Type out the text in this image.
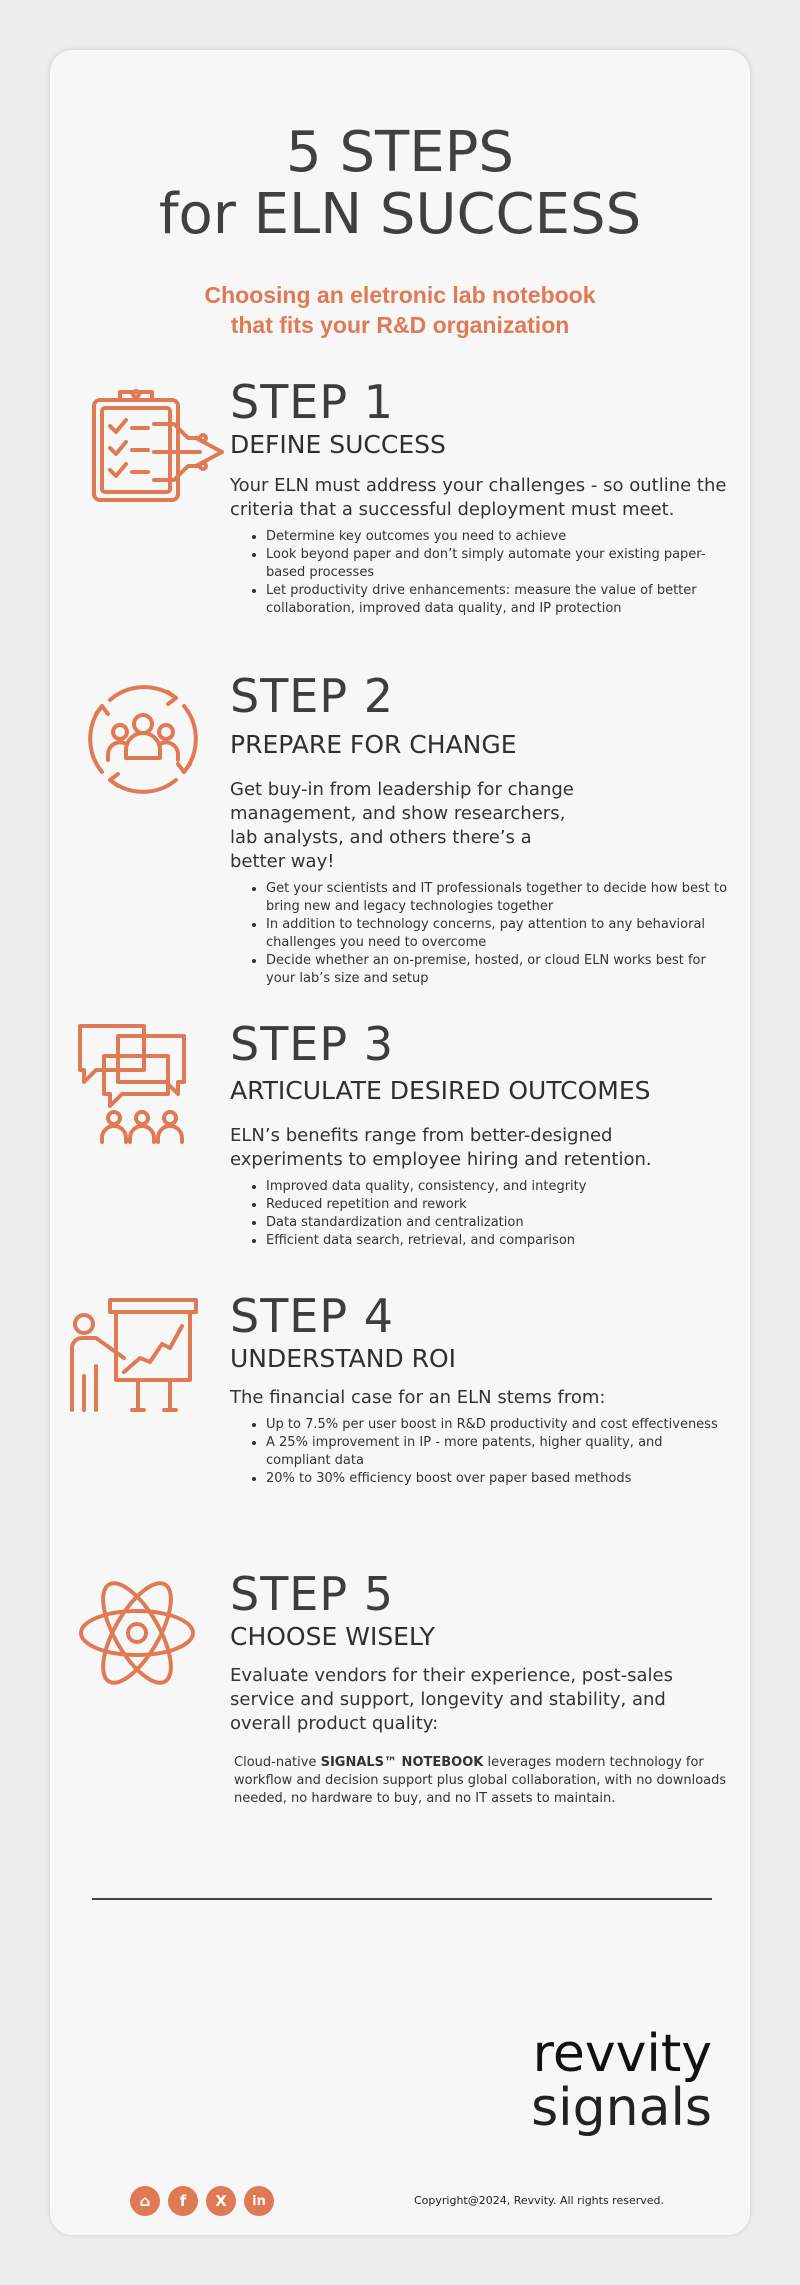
5 STEPS
for ELN SUCCESS
Choosing an eletronic lab notebook
that fits your R&D organization
STEP 1
DEFINE SUCCESS
Your ELN must address your challenges - so outline the criteria that a successful deployment must meet.
• Determine key outcomes you need to achieve
• Look beyond paper and don’t simply automate your existing paper-based processes
• Let productivity drive enhancements: measure the value of better collaboration, improved data quality, and IP protection
STEP 2
PREPARE FOR CHANGE
Get buy-in from leadership for change management, and show researchers, lab analysts, and others there’s a better way!
• Get your scientists and IT professionals together to decide how best to bring new and legacy technologies together
• In addition to technology concerns, pay attention to any behavioral challenges you need to overcome
• Decide whether an on-premise, hosted, or cloud ELN works best for your lab’s size and setup
STEP 3
ARTICULATE DESIRED OUTCOMES
ELN’s benefits range from better-designed experiments to employee hiring and retention.
• Improved data quality, consistency, and integrity
• Reduced repetition and rework
• Data standardization and centralization
• Efficient data search, retrieval, and comparison
STEP 4
UNDERSTAND ROI
The financial case for an ELN stems from:
• Up to 7.5% per user boost in R&D productivity and cost effectiveness
• A 25% improvement in IP - more patents, higher quality, and compliant data
• 20% to 30% efficiency boost over paper based methods
STEP 5
CHOOSE WISELY
Evaluate vendors for their experience, post-sales service and support, longevity and stability, and overall product quality:
Cloud-native SIGNALS™ NOTEBOOK leverages modern technology for workflow and decision support plus global collaboration, with no downloads needed, no hardware to buy, and no IT assets to maintain.
revvity
signals
⌂	f	X	in	Copyright@2024, Revvity. All rights reserved.
